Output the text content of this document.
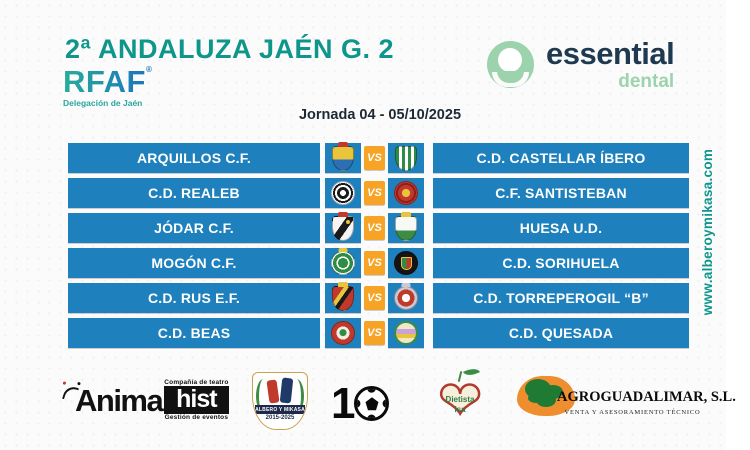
2ª ANDALUZA JAÉN G. 2
RFAF®
Delegación de Jaén
essential
dental
Jornada 04 - 05/10/2025
ARQUILLOS C.F.	VS	C.D. CASTELLAR ÍBERO
C.D. REALEB	VS	C.F. SANTISTEBAN
JÓDAR C.F.	VS	HUESA U.D.
MOGÓN C.F.	VS	C.D. SORIHUELA
C.D. RUS E.F.	VS	C.D. TORREPEROGIL “B”
C.D. BEAS	VS	C.D. QUESADA
www.alberoymikasa.com
Anima
Compañía de teatro
hist
Gestión de eventos
ALBERO Y MIKASA
2015-2025 1 ❤	Dietista
Isa
AGROGUADALIMAR, S.L.
VENTA Y ASESORAMIENTO TÉCNICO
